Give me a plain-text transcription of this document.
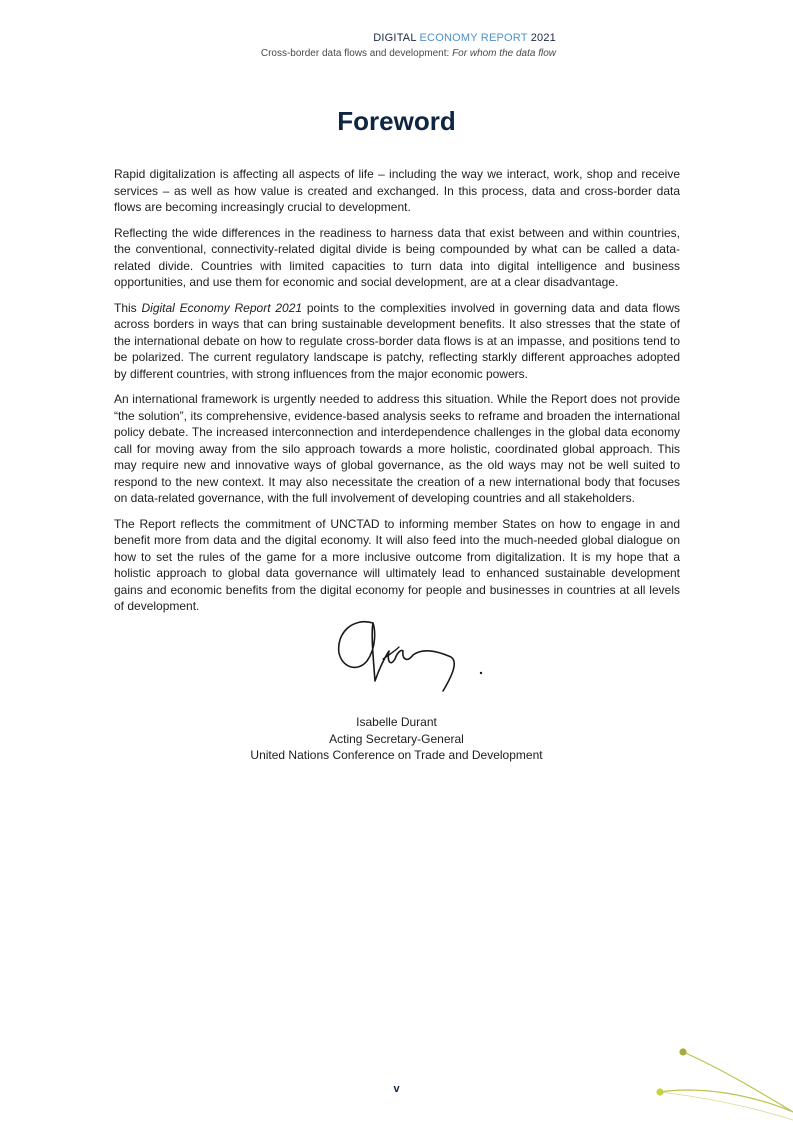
DIGITAL ECONOMY REPORT 2021
Cross-border data flows and development: For whom the data flow
Foreword

Rapid digitalization is affecting all aspects of life – including the way we interact, work, shop and receive services – as well as how value is created and exchanged. In this process, data and cross-border data flows are becoming increasingly crucial to development.

Reflecting the wide differences in the readiness to harness data that exist between and within countries, the conventional, connectivity-related digital divide is being compounded by what can be called a data-related divide. Countries with limited capacities to turn data into digital intelligence and business opportunities, and use them for economic and social development, are at a clear disadvantage.

This Digital Economy Report 2021 points to the complexities involved in governing data and data flows across borders in ways that can bring sustainable development benefits. It also stresses that the state of the international debate on how to regulate cross-border data flows is at an impasse, and positions tend to be polarized. The current regulatory landscape is patchy, reflecting starkly different approaches adopted by different countries, with strong influences from the major economic powers.

An international framework is urgently needed to address this situation. While the Report does not provide “the solution”, its comprehensive, evidence-based analysis seeks to reframe and broaden the international policy debate. The increased interconnection and interdependence challenges in the global data economy call for moving away from the silo approach towards a more holistic, coordinated global approach. This may require new and innovative ways of global governance, as the old ways may not be well suited to respond to the new context. It may also necessitate the creation of a new international body that focuses on data-related governance, with the full involvement of developing countries and all stakeholders.

The Report reflects the commitment of UNCTAD to informing member States on how to engage in and benefit more from data and the digital economy. It will also feed into the much-needed global dialogue on how to set the rules of the game for a more inclusive outcome from digitalization. It is my hope that a holistic approach to global data governance will ultimately lead to enhanced sustainable development gains and economic benefits from the digital economy for people and businesses in countries at all levels of development.

Isabelle Durant
Acting Secretary-General
United Nations Conference on Trade and Development
v
